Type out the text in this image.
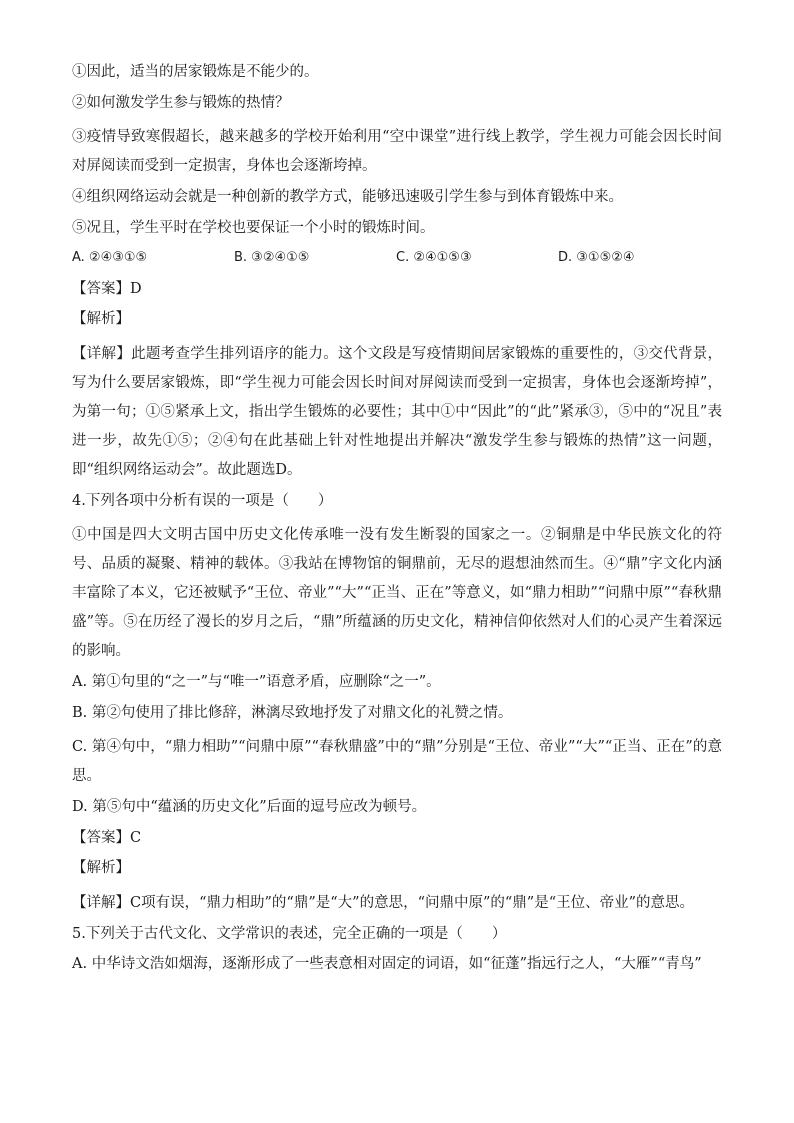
①因此，适当的居家锻炼是不能少的。

②如何激发学生参与锻炼的热情？

③疫情导致寒假超长，越来越多的学校开始利用“空中课堂”进行线上教学，学生视力可能会因长时间对屏阅读而受到一定损害，身体也会逐渐垮掉。

④组织网络运动会就是一种创新的教学方式，能够迅速吸引学生参与到体育锻炼中来。

⑤况且，学生平时在学校也要保证一个小时的锻炼时间。

A. ②④③①⑤	B. ③②④①⑤	C. ②④①⑤③	D. ③①⑤②④

【答案】D

【解析】

【详解】此题考查学生排列语序的能力。这个文段是写疫情期间居家锻炼的重要性的，③交代背景，写为什么要居家锻炼，即“学生视力可能会因长时间对屏阅读而受到一定损害，身体也会逐渐垮掉”，为第一句；①⑤紧承上文，指出学生锻炼的必要性；其中①中“因此”的“此”紧承③，⑤中的“况且”表进一步，故先①⑤；②④句在此基础上针对性地提出并解决“激发学生参与锻炼的热情”这一问题，即“组织网络运动会”。故此题选D。

4.下列各项中分析有误的一项是（　　）

①中国是四大文明古国中历史文化传承唯一没有发生断裂的国家之一。②铜鼎是中华民族文化的符号、品质的凝聚、精神的载体。③我站在博物馆的铜鼎前，无尽的遐想油然而生。④“鼎”字文化内涵丰富除了本义，它还被赋予“王位、帝业”“大”“正当、正在”等意义，如“鼎力相助”“问鼎中原”“春秋鼎盛”等。⑤在历经了漫长的岁月之后，“鼎”所蕴涵的历史文化，精神信仰依然对人们的心灵产生着深远的影响。

A. 第①句里的“之一”与“唯一”语意矛盾，应删除“之一”。

B. 第②句使用了排比修辞，淋漓尽致地抒发了对鼎文化的礼赞之情。

C. 第④句中，“鼎力相助”“问鼎中原”“春秋鼎盛”中的“鼎”分别是“王位、帝业”“大”“正当、正在”的意思。

D. 第⑤句中“蕴涵的历史文化”后面的逗号应改为顿号。

【答案】C

【解析】

【详解】C项有误，“鼎力相助”的“鼎”是“大”的意思，“问鼎中原”的“鼎”是“王位、帝业”的意思。

5.下列关于古代文化、文学常识的表述，完全正确的一项是（　　）

A. 中华诗文浩如烟海，逐渐形成了一些表意相对固定的词语，如“征蓬”指远行之人，“大雁”“青鸟”
